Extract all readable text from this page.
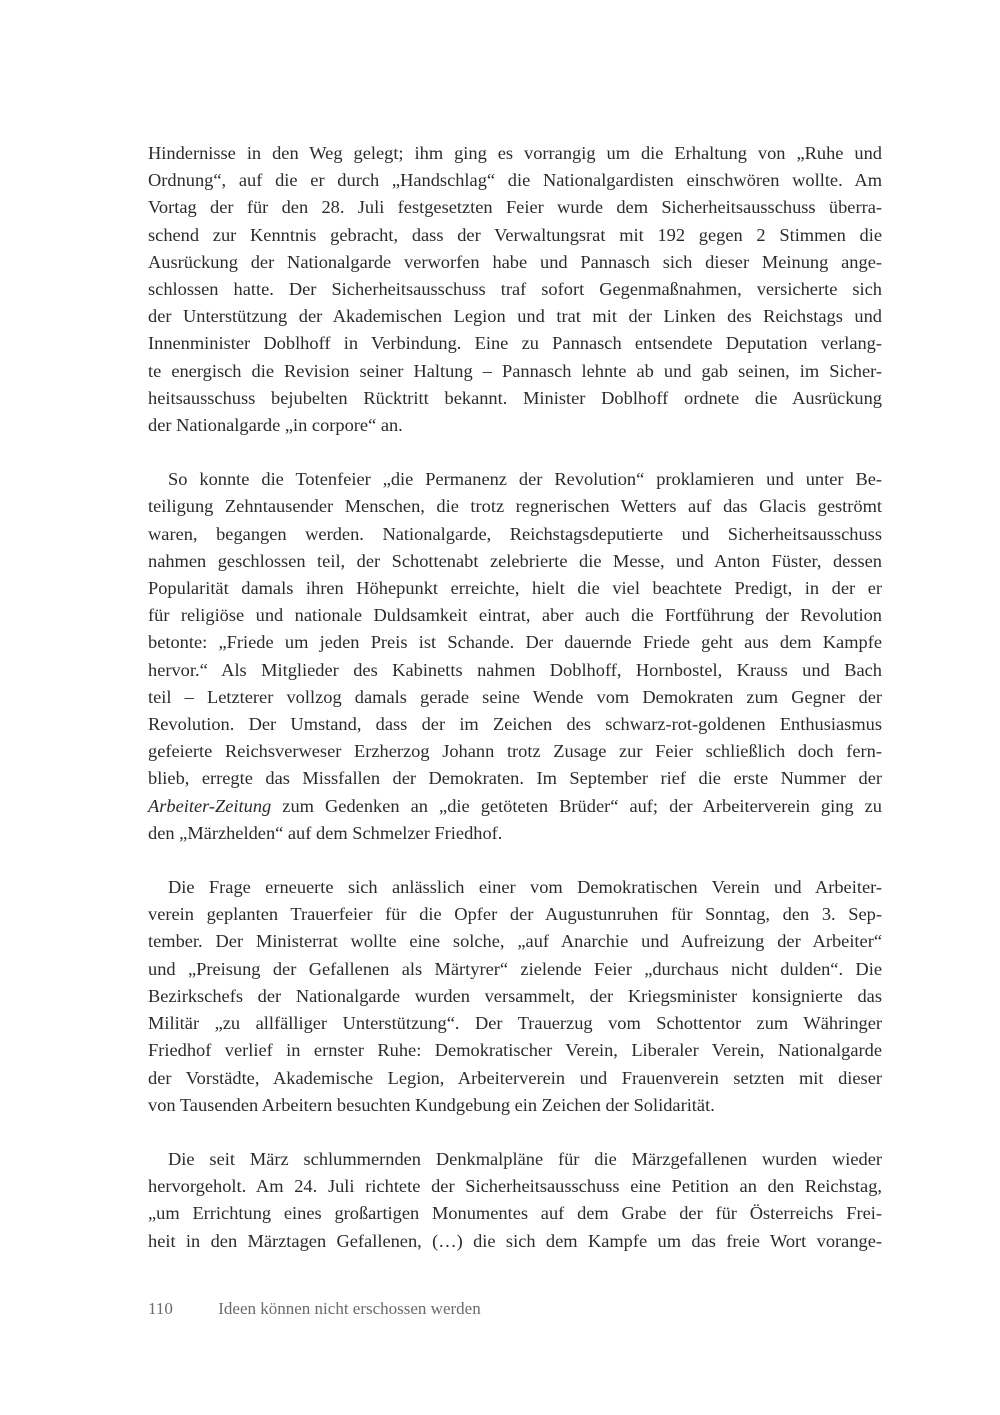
Hindernisse in den Weg gelegt; ihm ging es vorrangig um die Erhaltung von „Ruhe und
Ordnung“, auf die er durch „Handschlag“ die Nationalgardisten einschwören wollte. Am
Vortag der für den 28. Juli festgesetzten Feier wurde dem Sicherheitsausschuss überra-
schend zur Kenntnis gebracht, dass der Verwaltungsrat mit 192 gegen 2 Stimmen die
Ausrückung der Nationalgarde verworfen habe und Pannasch sich dieser Meinung ange-
schlossen hatte. Der Sicherheitsausschuss traf sofort Gegenmaßnahmen, versicherte sich
der Unterstützung der Akademischen Legion und trat mit der Linken des Reichstags und
Innenminister Doblhoff in Verbindung. Eine zu Pannasch entsendete Deputation verlang-
te energisch die Revision seiner Haltung – Pannasch lehnte ab und gab seinen, im Sicher-
heitsausschuss bejubelten Rücktritt bekannt. Minister Doblhoff ordnete die Ausrückung
der Nationalgarde „in corpore“ an.

So konnte die Totenfeier „die Permanenz der Revolution“ proklamieren und unter Be-
teiligung Zehntausender Menschen, die trotz regnerischen Wetters auf das Glacis geströmt
waren, begangen werden. Nationalgarde, Reichstagsdeputierte und Sicherheitsausschuss
nahmen geschlossen teil, der Schottenabt zelebrierte die Messe, und Anton Füster, dessen
Popularität damals ihren Höhepunkt erreichte, hielt die viel beachtete Predigt, in der er
für religiöse und nationale Duldsamkeit eintrat, aber auch die Fortführung der Revolution
betonte: „Friede um jeden Preis ist Schande. Der dauernde Friede geht aus dem Kampfe
hervor.“ Als Mitglieder des Kabinetts nahmen Doblhoff, Hornbostel, Krauss und Bach
teil – Letzterer vollzog damals gerade seine Wende vom Demokraten zum Gegner der
Revolution. Der Umstand, dass der im Zeichen des schwarz-rot-goldenen Enthusiasmus
gefeierte Reichsverweser Erzherzog Johann trotz Zusage zur Feier schließlich doch fern-
blieb, erregte das Missfallen der Demokraten. Im September rief die erste Nummer der
Arbeiter-Zeitung zum Gedenken an „die getöteten Brüder“ auf; der Arbeiterverein ging zu
den „Märzhelden“ auf dem Schmelzer Friedhof.

Die Frage erneuerte sich anlässlich einer vom Demokratischen Verein und Arbeiter-
verein geplanten Trauerfeier für die Opfer der Augustunruhen für Sonntag, den 3. Sep-
tember. Der Ministerrat wollte eine solche, „auf Anarchie und Aufreizung der Arbeiter“
und „Preisung der Gefallenen als Märtyrer“ zielende Feier „durchaus nicht dulden“. Die
Bezirkschefs der Nationalgarde wurden versammelt, der Kriegsminister konsignierte das
Militär „zu allfälliger Unterstützung“. Der Trauerzug vom Schottentor zum Währinger
Friedhof verlief in ernster Ruhe: Demokratischer Verein, Liberaler Verein, Nationalgarde
der Vorstädte, Akademische Legion, Arbeiterverein und Frauenverein setzten mit dieser
von Tausenden Arbeitern besuchten Kundgebung ein Zeichen der Solidarität.

Die seit März schlummernden Denkmalpläne für die Märzgefallenen wurden wieder
hervorgeholt. Am 24. Juli richtete der Sicherheitsausschuss eine Petition an den Reichstag,
„um Errichtung eines großartigen Monumentes auf dem Grabe der für Österreichs Frei-
heit in den Märztagen Gefallenen, (…) die sich dem Kampfe um das freie Wort vorange-

110	Ideen können nicht erschossen werden
